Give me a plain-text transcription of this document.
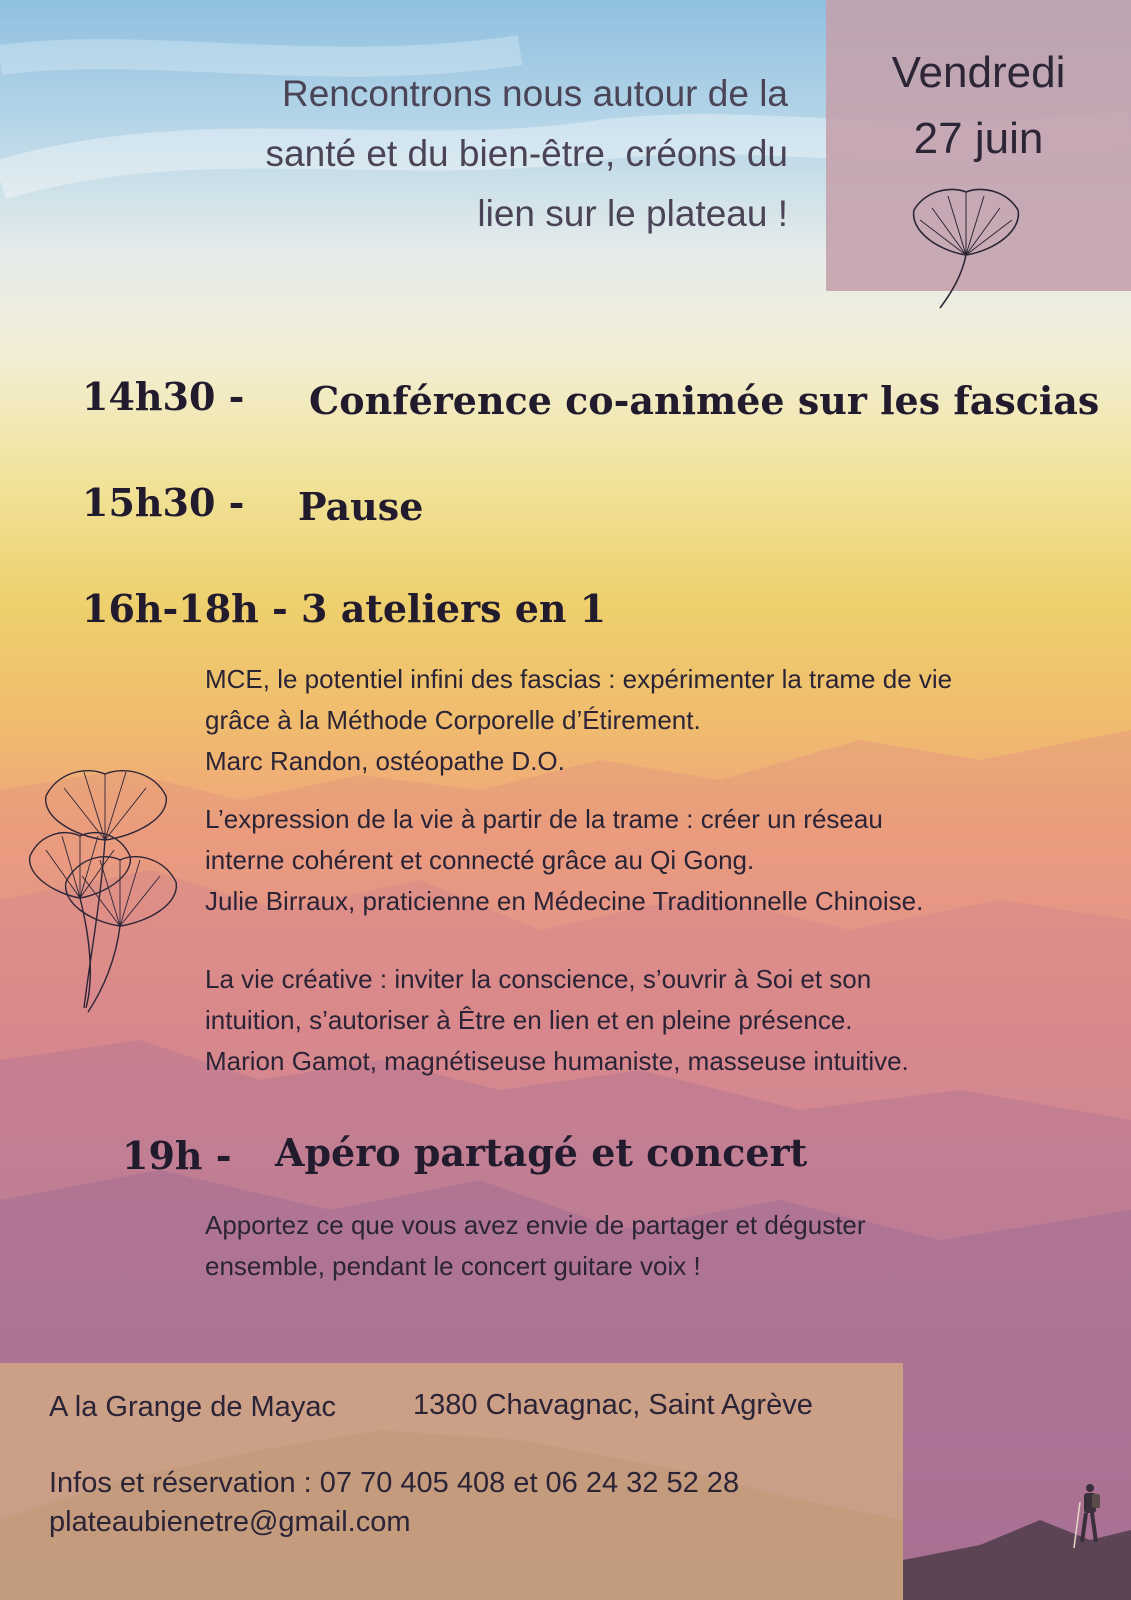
Rencontrons nous autour de la
santé et du bien-être, créons du
lien sur le plateau !
Vendredi
27 juin
14h30 - Conférence co-animée sur les fascias
15h30 - Pause
16h-18h - 3 ateliers en 1
MCE, le potentiel infini des fascias : expérimenter la trame de vie
grâce à la Méthode Corporelle d’Étirement.
Marc Randon, ostéopathe D.O.
L’expression de la vie à partir de la trame : créer un réseau
interne cohérent et connecté grâce au Qi Gong.
Julie Birraux, praticienne en Médecine Traditionnelle Chinoise.
La vie créative : inviter la conscience, s’ouvrir à Soi et son
intuition, s’autoriser à Être en lien et en pleine présence.
Marion Gamot, magnétiseuse humaniste, masseuse intuitive.
19h - Apéro partagé et concert
Apportez ce que vous avez envie de partager et déguster
ensemble, pendant le concert guitare voix !
A la Grange de Mayac	1380 Chavagnac, Saint Agrève
Infos et réservation : 07 70 405 408 et 06 24 32 52 28
plateaubienetre@gmail.com
